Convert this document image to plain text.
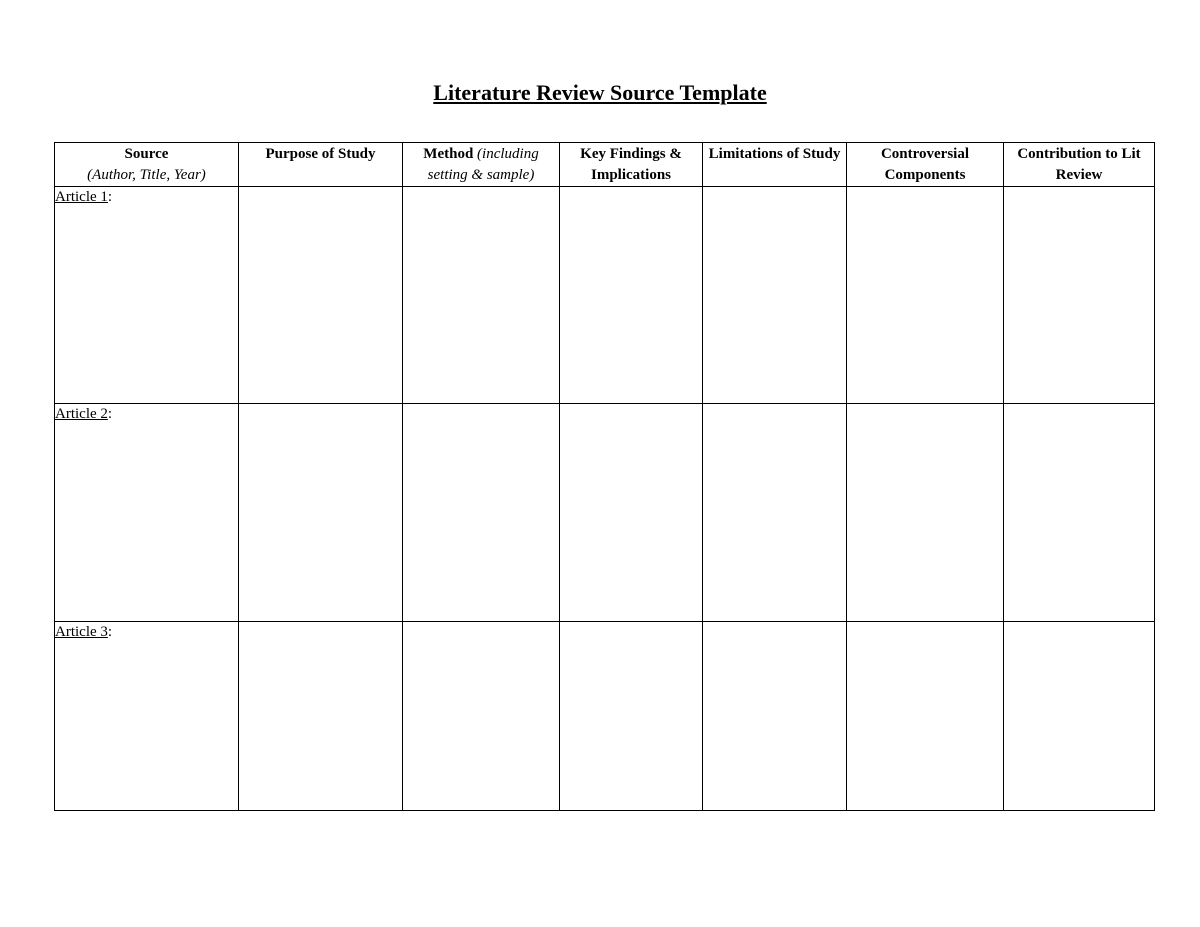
Literature Review Source Template
Source
(Author, Title, Year)	Purpose of Study	Method (including setting & sample)	Key Findings & Implications	Limitations of Study	Controversial Components	Contribution to Lit Review
Article 1:						
Article 2:						
Article 3:						
